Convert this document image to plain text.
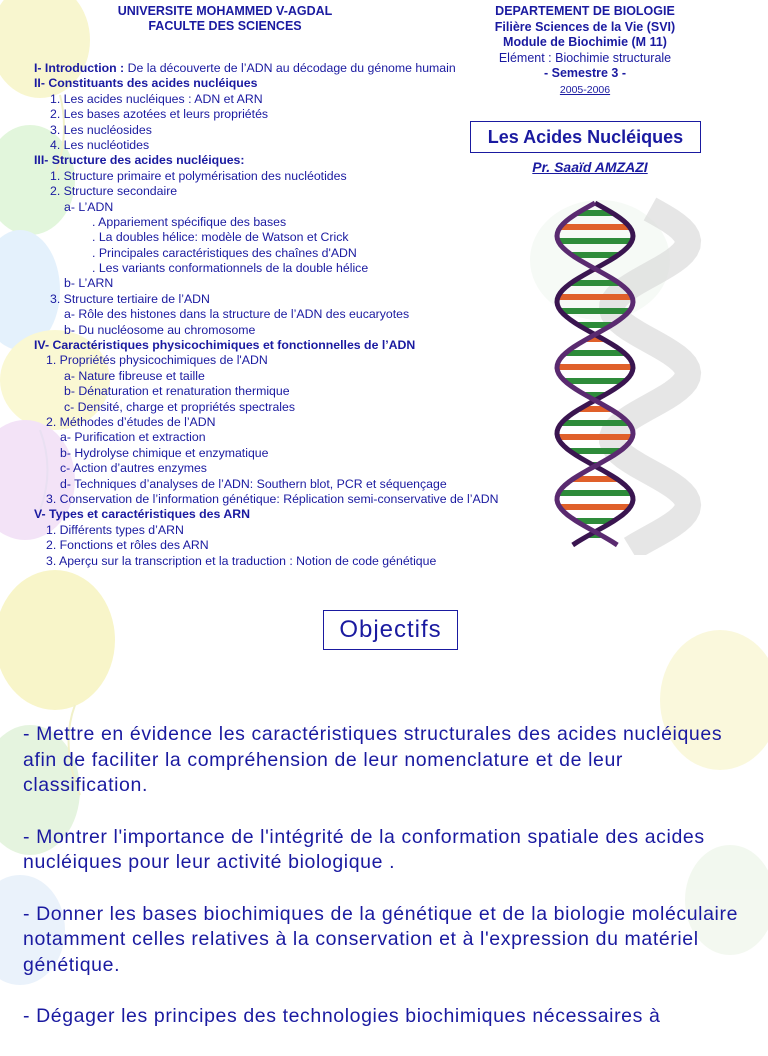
UNIVERSITE MOHAMMED V-AGDAL
FACULTE DES SCIENCES
DEPARTEMENT DE BIOLOGIE
Filière Sciences de la Vie (SVI)
Module de Biochimie (M 11)
Elément : Biochimie structurale
- Semestre 3 -
2005-2006
Les Acides Nucléiques
Pr. Saaïd AMZAZI
I- Introduction : De la découverte de l’ADN au décodage du génome humain
II- Constituants des acides nucléiques
1. Les acides nucléiques : ADN et ARN
2. Les bases azotées et leurs propriétés
3. Les nucléosides
4. Les nucléotides
III- Structure des acides nucléiques:
1. Structure primaire et polymérisation des nucléotides
2. Structure secondaire
a- L’ADN
. Appariement spécifique des bases
. La doubles hélice: modèle de Watson et Crick
. Principales caractéristiques des chaînes d'ADN
. Les variants conformationnels de la double hélice
b- L’ARN
3. Structure tertiaire de l’ADN
a- Rôle des histones dans la structure de l’ADN des eucaryotes
b- Du nucléosome au chromosome
IV- Caractéristiques physicochimiques et fonctionnelles de l’ADN
1. Propriétés physicochimiques de l'ADN
a- Nature fibreuse et taille
b- Dénaturation et renaturation thermique
c- Densité, charge et propriétés spectrales
2. Méthodes d’études de l’ADN
a- Purification et extraction
b- Hydrolyse chimique et enzymatique
c- Action d’autres enzymes
d- Techniques d’analyses de l’ADN: Southern blot, PCR et séquençage
3. Conservation de l’information génétique: Réplication semi-conservative de l’ADN
V- Types et caractéristiques des ARN
1. Différents types d’ARN
2. Fonctions et rôles des ARN
3. Aperçu sur la transcription et la traduction : Notion de code génétique
Objectifs

- Mettre en évidence les caractéristiques structurales des acides nucléiques afin de faciliter la compréhension de leur nomenclature et de leur classification.

- Montrer l'importance de l'intégrité de la conformation spatiale des acides nucléiques pour leur activité biologique .

- Donner les bases biochimiques de la génétique et de la biologie moléculaire notamment celles relatives à la conservation et à l'expression du matériel génétique.

- Dégager les principes des technologies biochimiques nécessaires à
